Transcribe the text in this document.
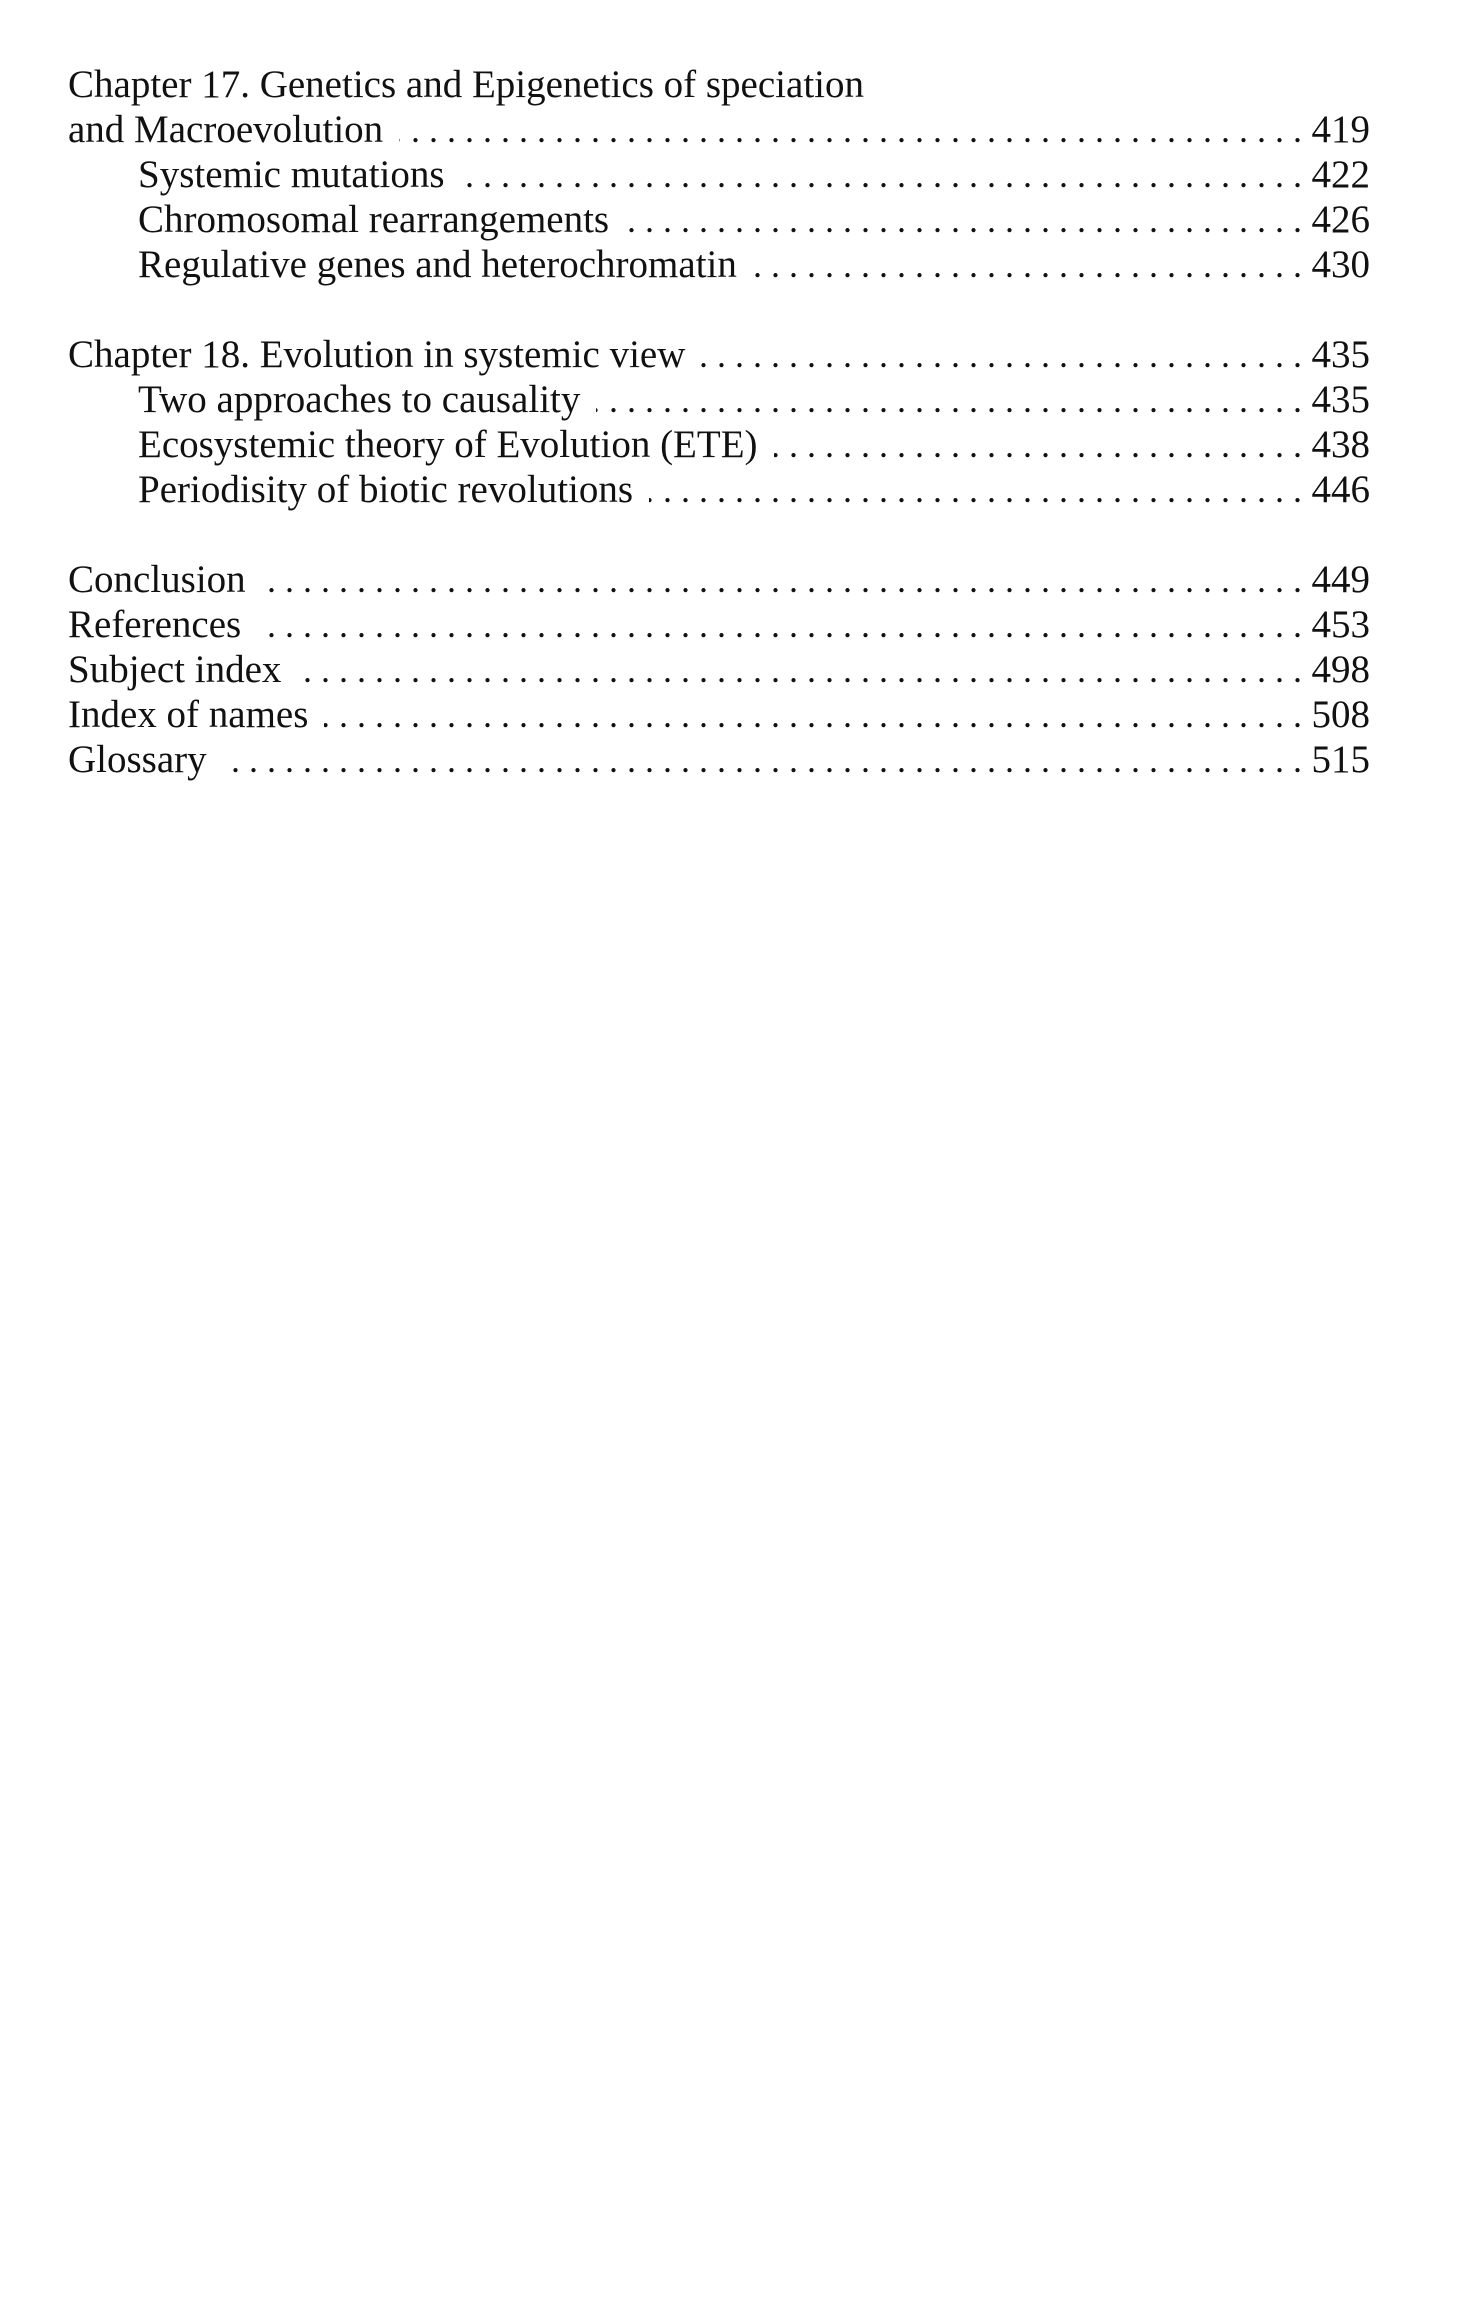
Chapter 17. Genetics and Epigenetics of speciation
and Macroevolution . . .	419
Systemic mutations . . .	422
Chromosomal rearrangements . . .	426
Regulative genes and heterochromatin . . .	430
Chapter 18. Evolution in systemic view . . .	435
Two approaches to causality . . .	435
Ecosystemic theory of Evolution (ETE) . . .	438
Periodisity of biotic revolutions . . .	446
Conclusion . . .	449
References . . .	453
Subject index . . .	498
Index of names . . .	508
Glossary . . .	515
